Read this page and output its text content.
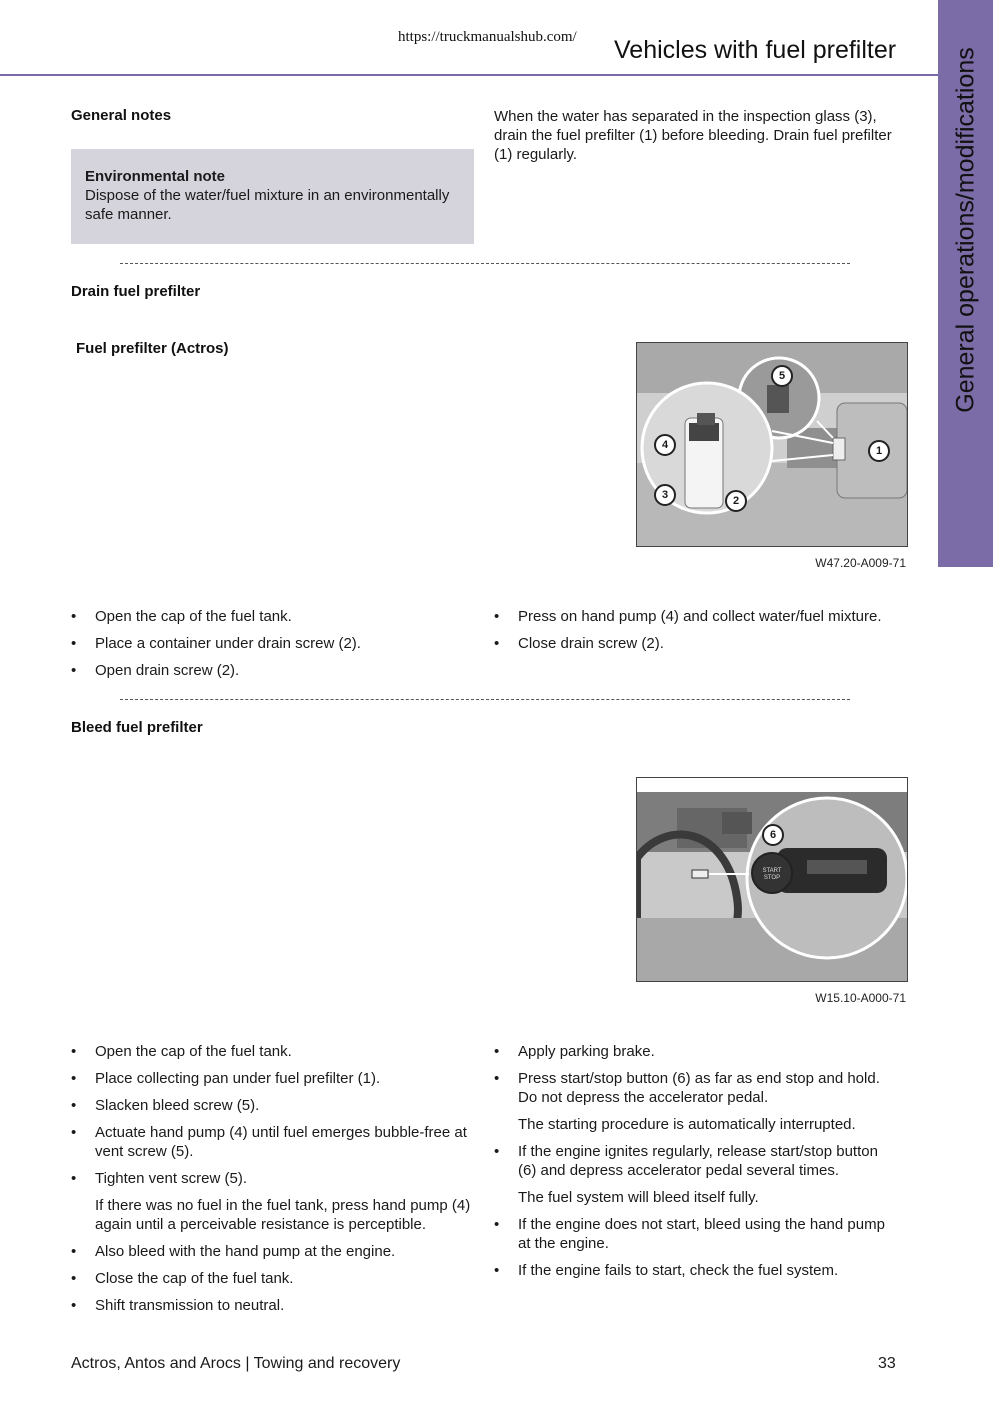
https://truckmanualshub.com/ Vehicles with fuel prefilter General operations/modifications
General notes
Environmental note
Dispose of the water/fuel mixture in an environmentally safe manner.
When the water has separated in the inspection glass (3), drain the fuel prefilter (1) before bleeding. Drain fuel prefilter (1) regularly.
Drain fuel prefilter
Fuel prefilter (Actros)
5
4	1
3	2
W47.20-A009-71
• Open the cap of the fuel tank.
• Place a container under drain screw (2).
• Open drain screw (2).
• Press on hand pump (4) and collect water/fuel mixture.
• Close drain screw (2).
Bleed fuel prefilter
START
STOP
6
W15.10-A000-71
• Open the cap of the fuel tank.
• Place collecting pan under fuel prefilter (1).
• Slacken bleed screw (5).
• Actuate hand pump (4) until fuel emerges bubble-free at vent screw (5).
• Tighten vent screw (5).
If there was no fuel in the fuel tank, press hand pump (4) again until a perceivable resistance is perceptible.
• Also bleed with the hand pump at the engine.
• Close the cap of the fuel tank.
• Shift transmission to neutral.
• Apply parking brake.
• Press start/stop button (6) as far as end stop and hold. Do not depress the accelerator pedal.
The starting procedure is automatically interrupted.
• If the engine ignites regularly, release start/stop button (6) and depress accelerator pedal several times.
The fuel system will bleed itself fully.
• If the engine does not start, bleed using the hand pump at the engine.
• If the engine fails to start, check the fuel system.
Actros, Antos and Arocs | Towing and recovery	33
